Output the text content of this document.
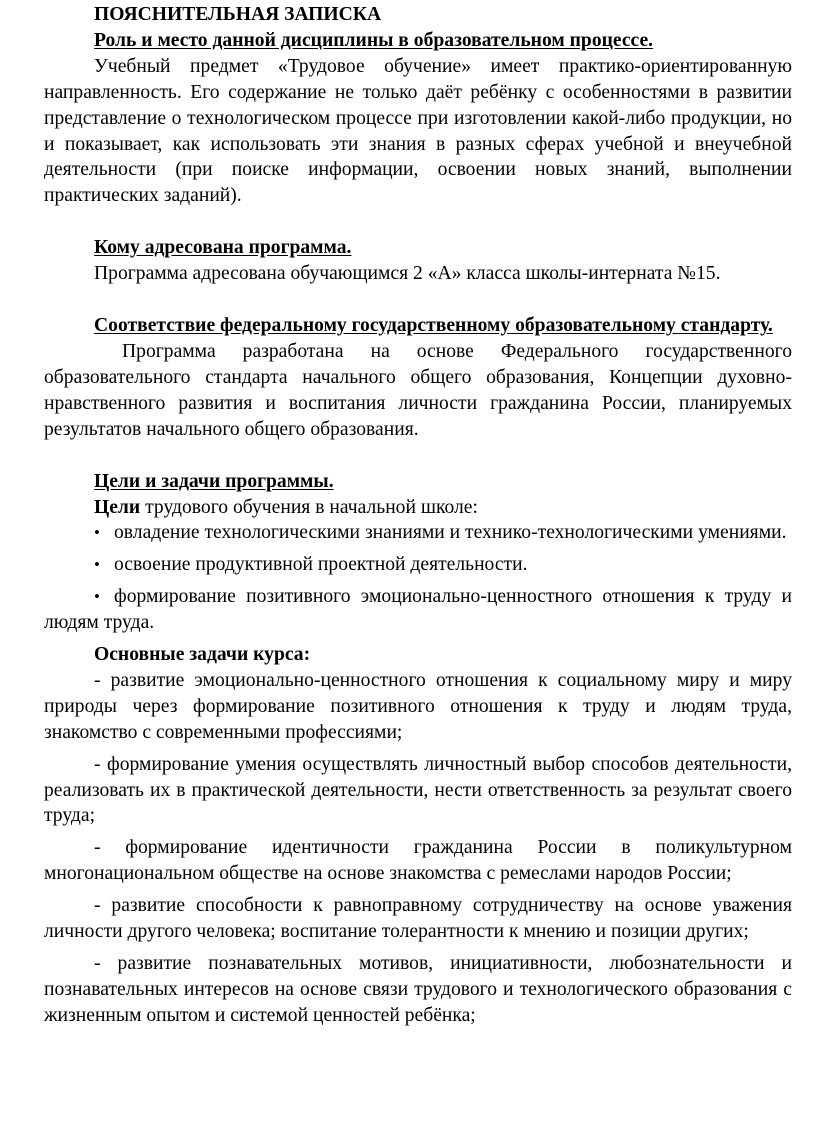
ПОЯСНИТЕЛЬНАЯ ЗАПИСКА

Роль и место данной дисциплины в образовательном процессе.

Учебный предмет «Трудовое обучение» имеет практико-ориентированную направленность. Его содержание не только даёт ребёнку с особенностями в развитии представление о технологическом процессе при изготовлении какой-либо продукции, но и показывает, как использовать эти знания в разных сферах учебной и внеучебной деятельности (при поиске информации, освоении новых знаний, выполнении практических заданий).

Кому адресована программа.

Программа адресована обучающимся 2 «А» класса школы-интерната №15.

Соответствие федеральному государственному образовательному стандарту.

Программа разработана на основе Федерального государственного образовательного стандарта начального общего образования, Концепции духовно-нравственного развития и воспитания личности гражданина России, планируемых результатов начального общего образования.

Цели и задачи программы.

Цели трудового обучения в начальной школе:

•овладение технологическими знаниями и технико-технологическими умениями.

•освоение продуктивной проектной деятельности.

•формирование позитивного эмоционально-ценностного отношения к труду и людям труда.

Основные задачи курса:

- развитие эмоционально-ценностного отношения к социальному миру и миру природы через формирование позитивного отношения к труду и людям труда, знакомство с современными профессиями;

- формирование умения осуществлять личностный выбор способов деятельности, реализовать их в практической деятельности, нести ответственность за результат своего труда;

- формирование идентичности гражданина России в поликультурном многонациональном обществе на основе знакомства с ремеслами народов России;

- развитие способности к равноправному сотрудничеству на основе уважения личности другого человека; воспитание толерантности к мнению и позиции других;

- развитие познавательных мотивов, инициативности, любознательности и познавательных интересов на основе связи трудового и технологического образования с жизненным опытом и системой ценностей ребёнка;
